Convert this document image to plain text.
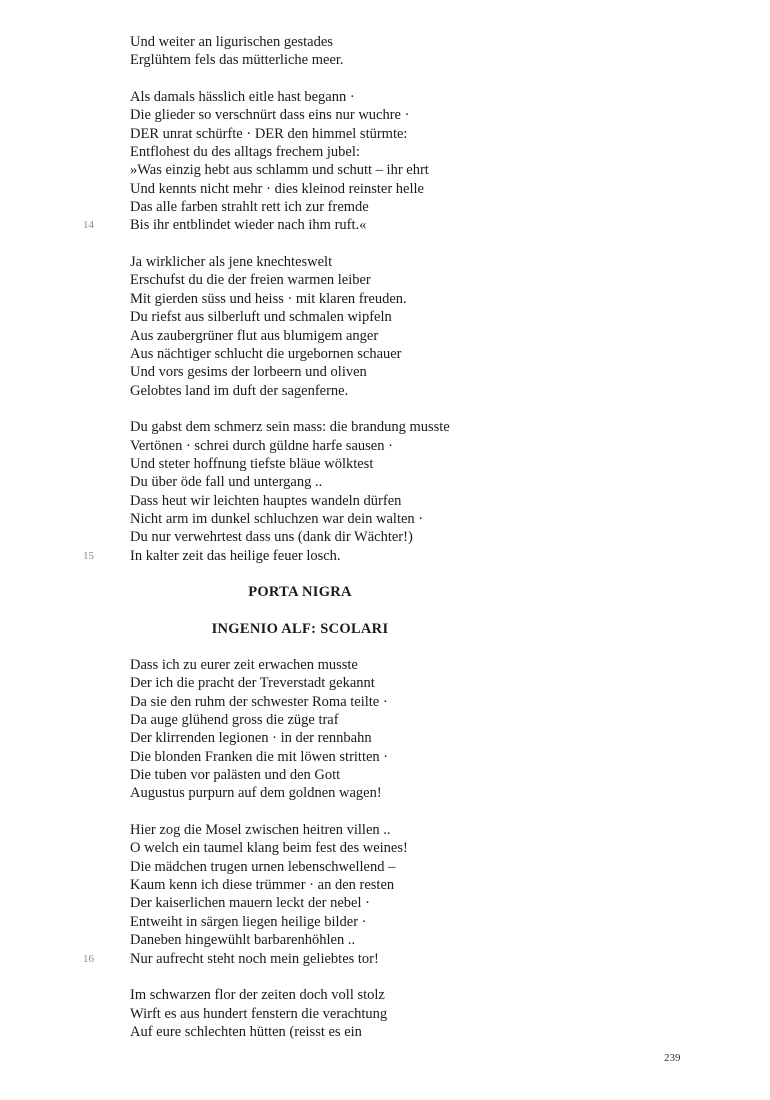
Und weiter an ligurischen gestades
Erglühtem fels das mütterliche meer.
Als damals hässlich eitle hast begann ·
Die glieder so verschnürt dass eins nur wuchre ·
DER unrat schürfte · DER den himmel stürmte:
Entflohest du des alltags frechem jubel:
»Was einzig hebt aus schlamm und schutt – ihr ehrt
Und kennts nicht mehr · dies kleinod reinster helle
Das alle farben strahlt rett ich zur fremde
Bis ihr entblindet wieder nach ihm ruft.«
14
Ja wirklicher als jene knechteswelt
Erschufst du die der freien warmen leiber
Mit gierden süss und heiss · mit klaren freuden.
Du riefst aus silberluft und schmalen wipfeln
Aus zaubergrüner flut aus blumigem anger
Aus nächtiger schlucht die urgebornen schauer
Und vors gesims der lorbeern und oliven
Gelobtes land im duft der sagenferne.
Du gabst dem schmerz sein mass: die brandung musste
Vertönen · schrei durch güldne harfe sausen ·
Und steter hoffnung tiefste bläue wölktest
Du über öde fall und untergang ..
Dass heut wir leichten hauptes wandeln dürfen
Nicht arm im dunkel schluchzen war dein walten ·
Du nur verwehrtest dass uns (dank dir Wächter!)
In kalter zeit das heilige feuer losch.
15
PORTA NIGRA
INGENIO ALF: SCOLARI
Dass ich zu eurer zeit erwachen musste
Der ich die pracht der Treverstadt gekannt
Da sie den ruhm der schwester Roma teilte ·
Da auge glühend gross die züge traf
Der klirrenden legionen · in der rennbahn
Die blonden Franken die mit löwen stritten ·
Die tuben vor palästen und den Gott
Augustus purpurn auf dem goldnen wagen!
Hier zog die Mosel zwischen heitren villen ..
O welch ein taumel klang beim fest des weines!
Die mädchen trugen urnen lebenschwellend –
Kaum kenn ich diese trümmer · an den resten
Der kaiserlichen mauern leckt der nebel ·
Entweiht in särgen liegen heilige bilder ·
Daneben hingewühlt barbarenhöhlen ..
Nur aufrecht steht noch mein geliebtes tor!
16
Im schwarzen flor der zeiten doch voll stolz
Wirft es aus hundert fenstern die verachtung
Auf eure schlechten hütten (reisst es ein
239
